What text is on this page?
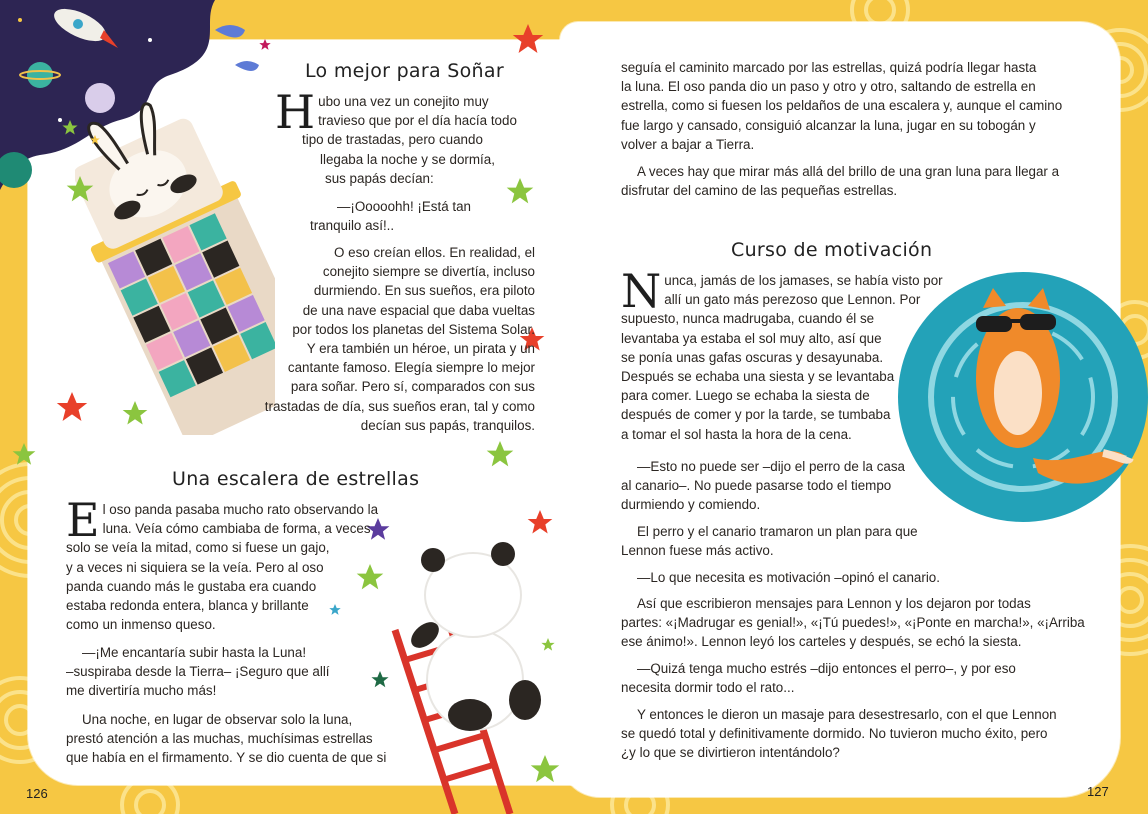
Lo mejor para Soñar
H ubo una vez un conejito muy
travieso que por el día hacía todo
tipo de trastadas, pero cuando
llegaba la noche y se dormía,
sus papás decían:
—¡Ooooohh! ¡Está tan
tranquilo así!..
O eso creían ellos. En realidad, el
conejito siempre se divertía, incluso
durmiendo. En sus sueños, era piloto
de una nave espacial que daba vueltas
por todos los planetas del Sistema Solar.
Y era también un héroe, un pirata y un
cantante famoso. Elegía siempre lo mejor
para soñar. Pero sí, comparados con sus
trastadas de día, sus sueños eran, tal y como
decían sus papás, tranquilos.
Una escalera de estrellas
E l oso panda pasaba mucho rato observando la
luna. Veía cómo cambiaba de forma, a veces
solo se veía la mitad, como si fuese un gajo,
y a veces ni siquiera se la veía. Pero al oso
panda cuando más le gustaba era cuando
estaba redonda entera, blanca y brillante
como un inmenso queso.
—¡Me encantaría subir hasta la Luna!
–suspiraba desde la Tierra– ¡Seguro que allí
me divertiría mucho más!
Una noche, en lugar de observar solo la luna,
prestó atención a las muchas, muchísimas estrellas
que había en el firmamento. Y se dio cuenta de que si
126
seguía el caminito marcado por las estrellas, quizá podría llegar hasta
la luna. El oso panda dio un paso y otro y otro, saltando de estrella en
estrella, como si fuesen los peldaños de una escalera y, aunque el camino
fue largo y cansado, consiguió alcanzar la luna, jugar en su tobogán y
volver a bajar a Tierra.
A veces hay que mirar más allá del brillo de una gran luna para llegar a
disfrutar del camino de las pequeñas estrellas.
Curso de motivación
N unca, jamás de los jamases, se había visto por
allí un gato más perezoso que Lennon. Por
supuesto, nunca madrugaba, cuando él se
levantaba ya estaba el sol muy alto, así que
se ponía unas gafas oscuras y desayunaba.
Después se echaba una siesta y se levantaba
para comer. Luego se echaba la siesta de
después de comer y por la tarde, se tumbaba
a tomar el sol hasta la hora de la cena.
—Esto no puede ser –dijo el perro de la casa
al canario–. No puede pasarse todo el tiempo
durmiendo y comiendo.
El perro y el canario tramaron un plan para que
Lennon fuese más activo.
—Lo que necesita es motivación –opinó el canario.
Así que escribieron mensajes para Lennon y los dejaron por todas
partes: «¡Madrugar es genial!», «¡Tú puedes!», «¡Ponte en marcha!», «¡Arriba
ese ánimo!». Lennon leyó los carteles y después, se echó la siesta.
—Quizá tenga mucho estrés –dijo entonces el perro–, y por eso
necesita dormir todo el rato...
Y entonces le dieron un masaje para desestresarlo, con el que Lennon
se quedó total y definitivamente dormido. No tuvieron mucho éxito, pero
¿y lo que se divirtieron intentándolo?
127
